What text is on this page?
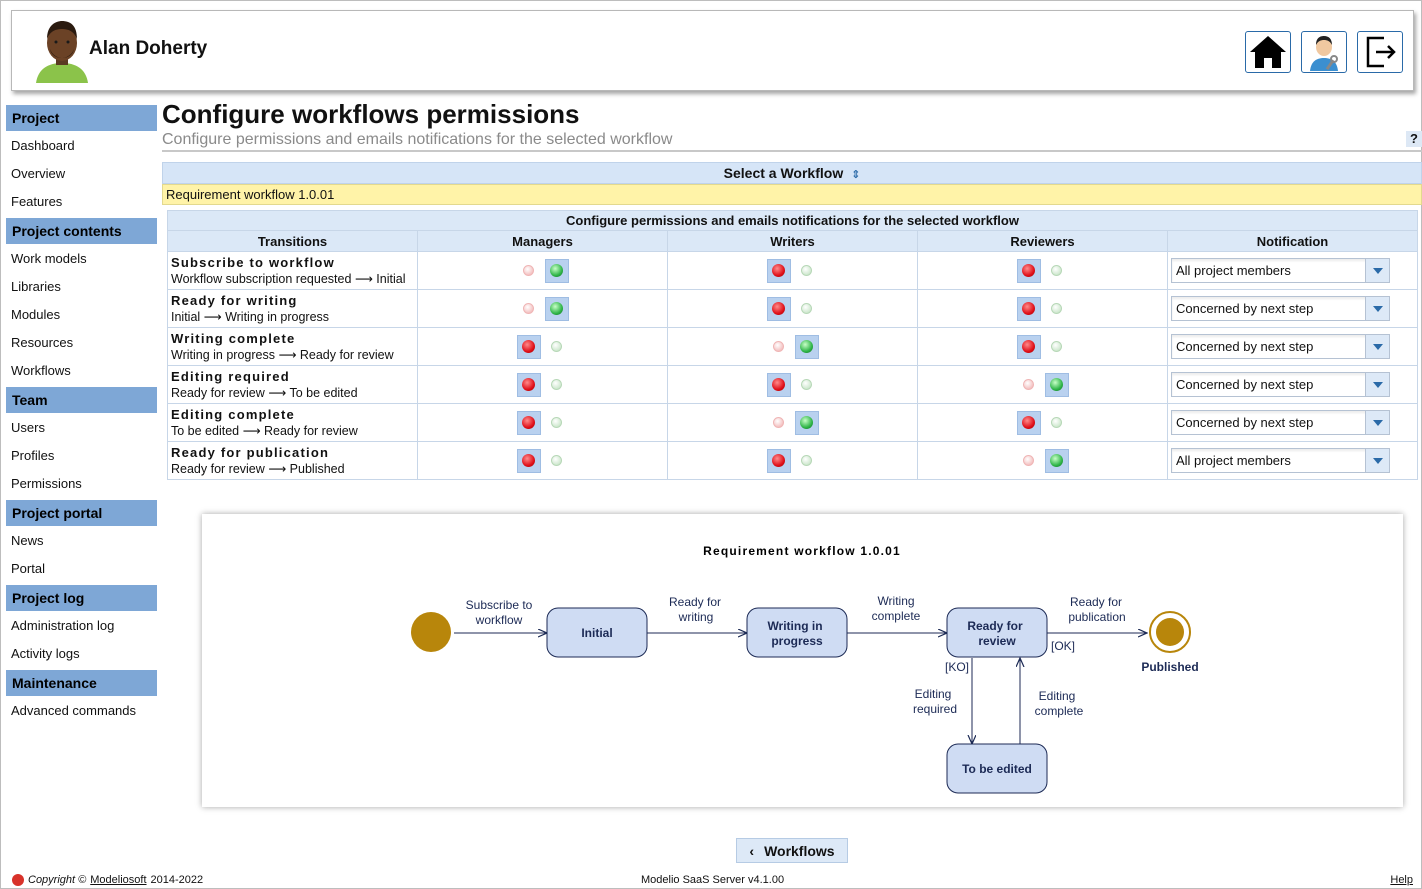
Alan Doherty
Project
Dashboard
Overview
Features
Project contents
Work models
Libraries
Modules
Resources
Workflows
Team
Users
Profiles
Permissions
Project portal
News
Portal
Project log
Administration log
Activity logs
Maintenance
Advanced commands
Configure workflows permissions
Configure permissions and emails notifications for the selected workflow	?
Select a Workflow ⇕
Requirement workflow 1.0.01
Configure permissions and emails notifications for the selected workflow				
Transitions	Managers	Writers	Reviewers	Notification

Subscribe to workflow
Workflow subscription requested ⟶ Initial				All project members

Ready for writing
Initial ⟶ Writing in progress				Concerned by next step

Writing complete
Writing in progress ⟶ Ready for review				Concerned by next step

Editing required
Ready for review ⟶ To be edited				Concerned by next step

Editing complete
To be edited ⟶ Ready for review				Concerned by next step

Ready for publication
Ready for review ⟶ Published				All project members
Requirement workflow 1.0.01
Initial	Writing in
progress
Ready for
review
To be edited
Published
Subscribe to
workflow
Ready for
writing
Writing
complete
Ready for
publication
[OK]
[KO]
Editing
required
Editing
complete
‹ Workflows
Copyright © Modeliosoft 2014-2022	Modelio SaaS Server v4.1.00	Help
